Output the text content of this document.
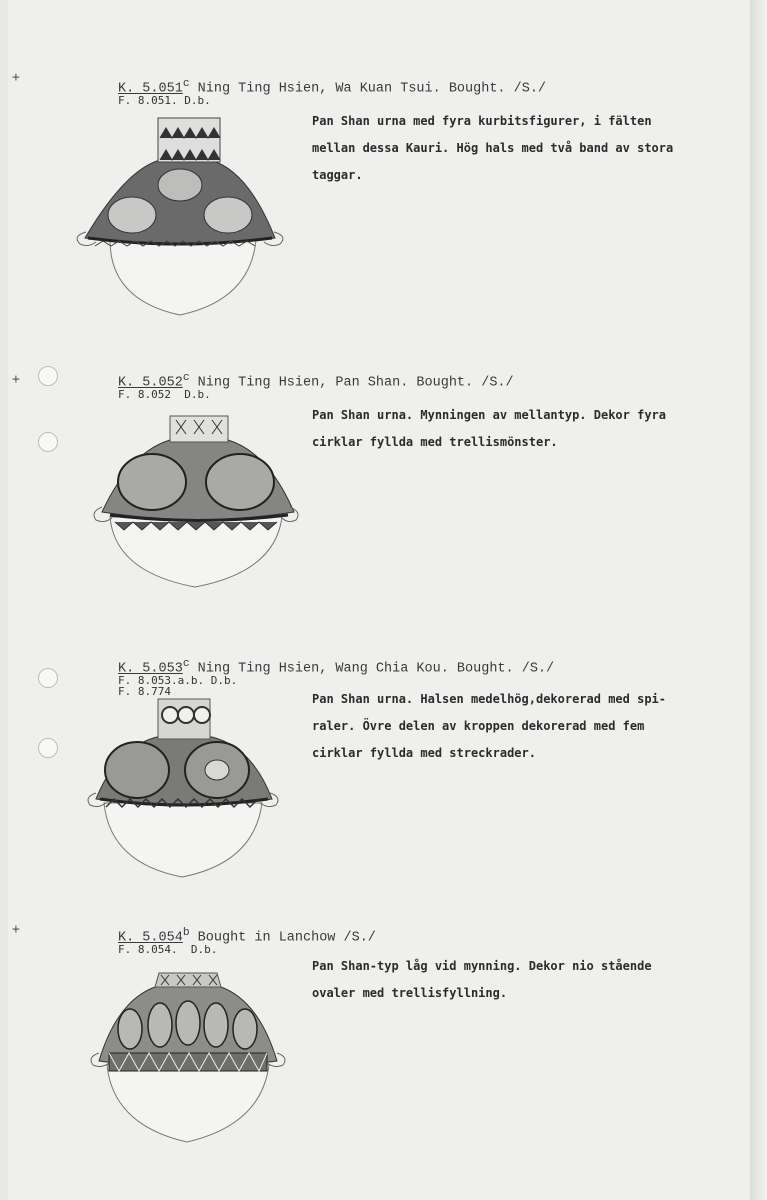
+
+
+
K. 5.051$^c$ Ning Ting Hsien, Wa Kuan Tsui. Bought. /S./
F. 8.051. D.b.

Pan Shan urna med fyra kurbitsfigurer, i fälten

mellan dessa Kauri. Hög hals med två band av stora

taggar.

K. 5.052$^c$ Ning Ting Hsien, Pan Shan. Bought. /S./
F. 8.052  D.b.

Pan Shan urna. Mynningen av mellantyp. Dekor fyra

cirklar fyllda med trellismönster.

K. 5.053$^c$ Ning Ting Hsien, Wang Chia Kou. Bought. /S./
F. 8.053.a.b. D.b.
F. 8.774

Pan Shan urna. Halsen medelhög,dekorerad med spi-

raler. Övre delen av kroppen dekorerad med fem

cirklar fyllda med streckrader.

K. 5.054$^b$ Bought in Lanchow /S./
F. 8.054.  D.b.

Pan Shan-typ låg vid mynning. Dekor nio stående

ovaler med trellisfyllning.
